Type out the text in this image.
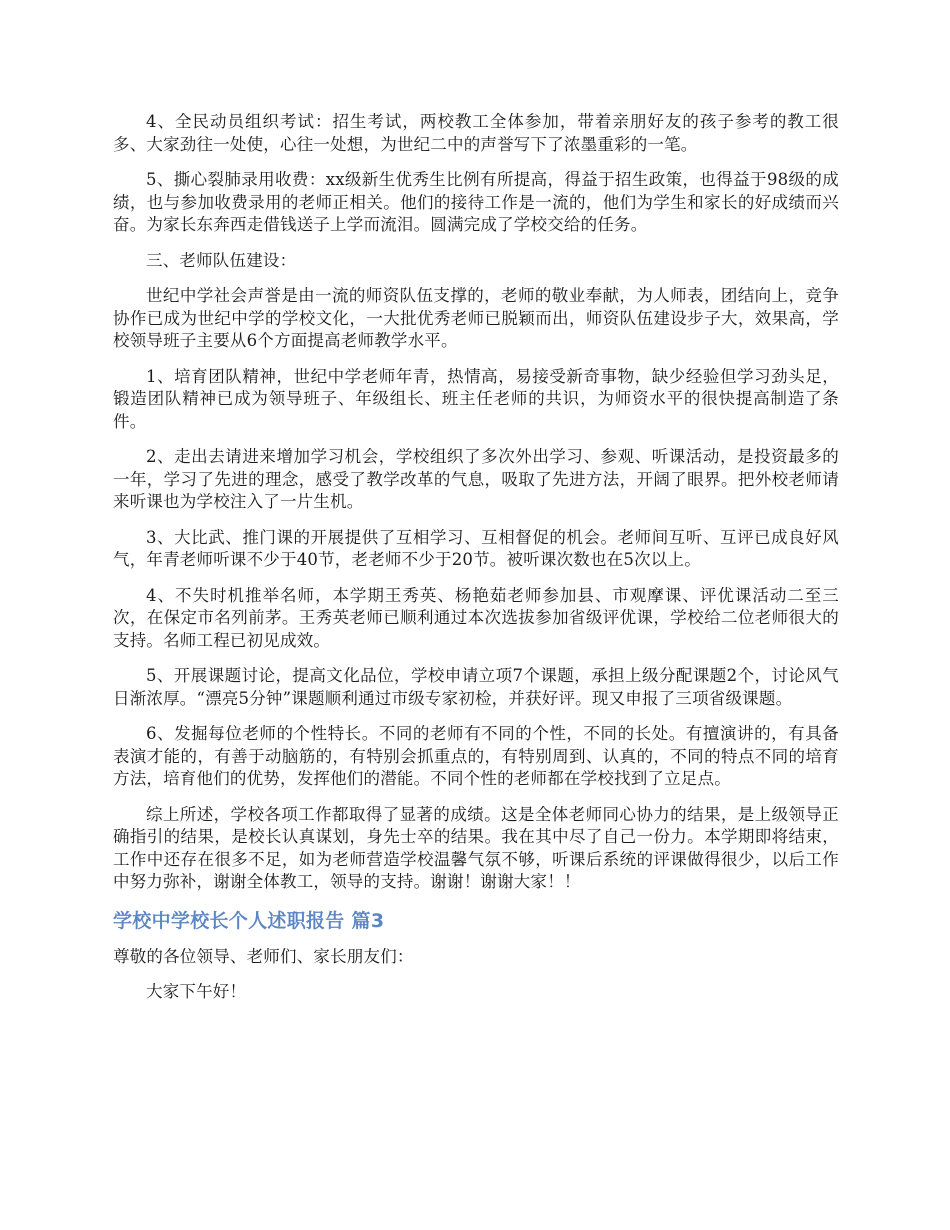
4、全民动员组织考试：招生考试，两校教工全体参加，带着亲朋好友的孩子参考的教工很多、大家劲往一处使，心往一处想，为世纪二中的声誉写下了浓墨重彩的一笔。

5、撕心裂肺录用收费：xx级新生优秀生比例有所提高，得益于招生政策，也得益于98级的成绩，也与参加收费录用的老师正相关。他们的接待工作是一流的，他们为学生和家长的好成绩而兴奋。为家长东奔西走借钱送子上学而流泪。圆满完成了学校交给的任务。

三、老师队伍建设：

世纪中学社会声誉是由一流的师资队伍支撑的，老师的敬业奉献，为人师表，团结向上，竞争协作已成为世纪中学的学校文化，一大批优秀老师已脱颖而出，师资队伍建设步子大，效果高，学校领导班子主要从6个方面提高老师教学水平。

1、培育团队精神，世纪中学老师年青，热情高，易接受新奇事物，缺少经验但学习劲头足，锻造团队精神已成为领导班子、年级组长、班主任老师的共识，为师资水平的很快提高制造了条件。

2、走出去请进来增加学习机会，学校组织了多次外出学习、参观、听课活动，是投资最多的一年，学习了先进的理念，感受了教学改革的气息，吸取了先进方法，开阔了眼界。把外校老师请来听课也为学校注入了一片生机。

3、大比武、推门课的开展提供了互相学习、互相督促的机会。老师间互听、互评已成良好风气，年青老师听课不少于40节，老老师不少于20节。被听课次数也在5次以上。

4、不失时机推举名师，本学期王秀英、杨艳茹老师参加县、市观摩课、评优课活动二至三次，在保定市名列前茅。王秀英老师已顺利通过本次选拔参加省级评优课，学校给二位老师很大的支持。名师工程已初见成效。

5、开展课题讨论，提高文化品位，学校申请立项7个课题，承担上级分配课题2个，讨论风气日渐浓厚。“漂亮5分钟”课题顺利通过市级专家初检，并获好评。现又申报了三项省级课题。

6、发掘每位老师的个性特长。不同的老师有不同的个性，不同的长处。有擅演讲的，有具备表演才能的，有善于动脑筋的，有特别会抓重点的，有特别周到、认真的，不同的特点不同的培育方法，培育他们的优势，发挥他们的潜能。不同个性的老师都在学校找到了立足点。

综上所述，学校各项工作都取得了显著的成绩。这是全体老师同心协力的结果，是上级领导正确指引的结果，是校长认真谋划，身先士卒的结果。我在其中尽了自己一份力。本学期即将结束，工作中还存在很多不足，如为老师营造学校温馨气氛不够，听课后系统的评课做得很少，以后工作中努力弥补，谢谢全体教工，领导的支持。谢谢！谢谢大家！！

学校中学校长个人述职报告 篇3

尊敬的各位领导、老师们、家长朋友们：

大家下午好！
